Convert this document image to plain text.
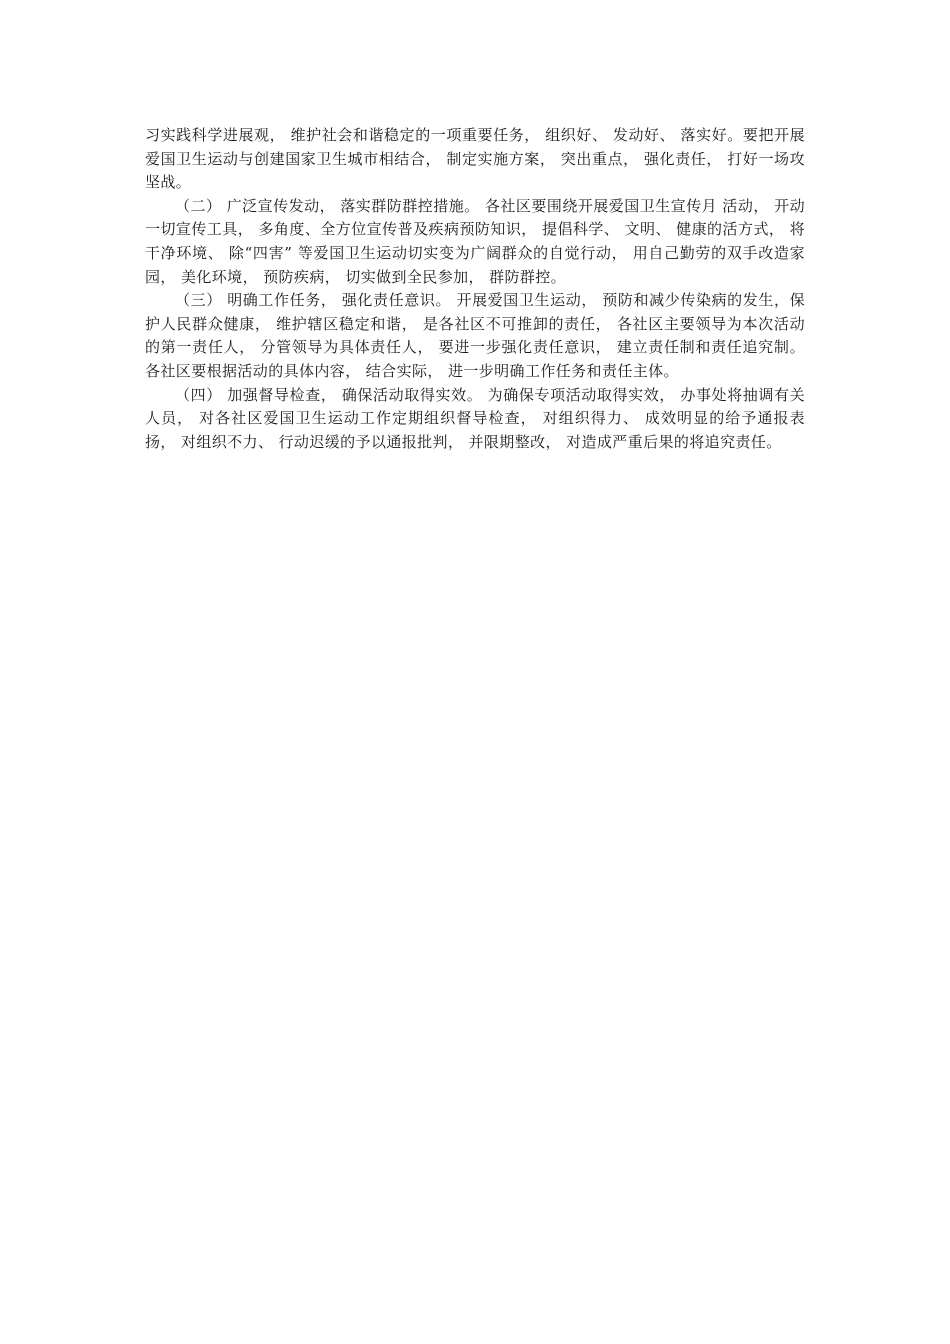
习实践科学进展观， 维护社会和谐稳定的一项重要任务， 组织好、 发动好、 落实好。要把开展爱国卫生运动与创建国家卫生城市相结合， 制定实施方案， 突出重点， 强化责任， 打好一场攻坚战。

（二） 广泛宣传发动， 落实群防群控措施。 各社区要围绕开展爱国卫生宣传月 活动， 开动一切宣传工具， 多角度、全方位宣传普及疾病预防知识， 提倡科学、 文明、 健康的活方式， 将干净环境、 除“四害” 等爱国卫生运动切实变为广阔群众的自觉行动， 用自己勤劳的双手改造家园， 美化环境， 预防疾病， 切实做到全民参加， 群防群控。

（三） 明确工作任务， 强化责任意识。 开展爱国卫生运动， 预防和减少传染病的发生，保护人民群众健康， 维护辖区稳定和谐， 是各社区不可推卸的责任， 各社区主要领导为本次活动的第一责任人， 分管领导为具体责任人， 要进一步强化责任意识， 建立责任制和责任追究制。 各社区要根据活动的具体内容， 结合实际， 进一步明确工作任务和责任主体。

（四） 加强督导检查， 确保活动取得实效。 为确保专项活动取得实效， 办事处将抽调有关人员， 对各社区爱国卫生运动工作定期组织督导检查， 对组织得力、 成效明显的给予通报表扬， 对组织不力、 行动迟缓的予以通报批判， 并限期整改， 对造成严重后果的将追究责任。
